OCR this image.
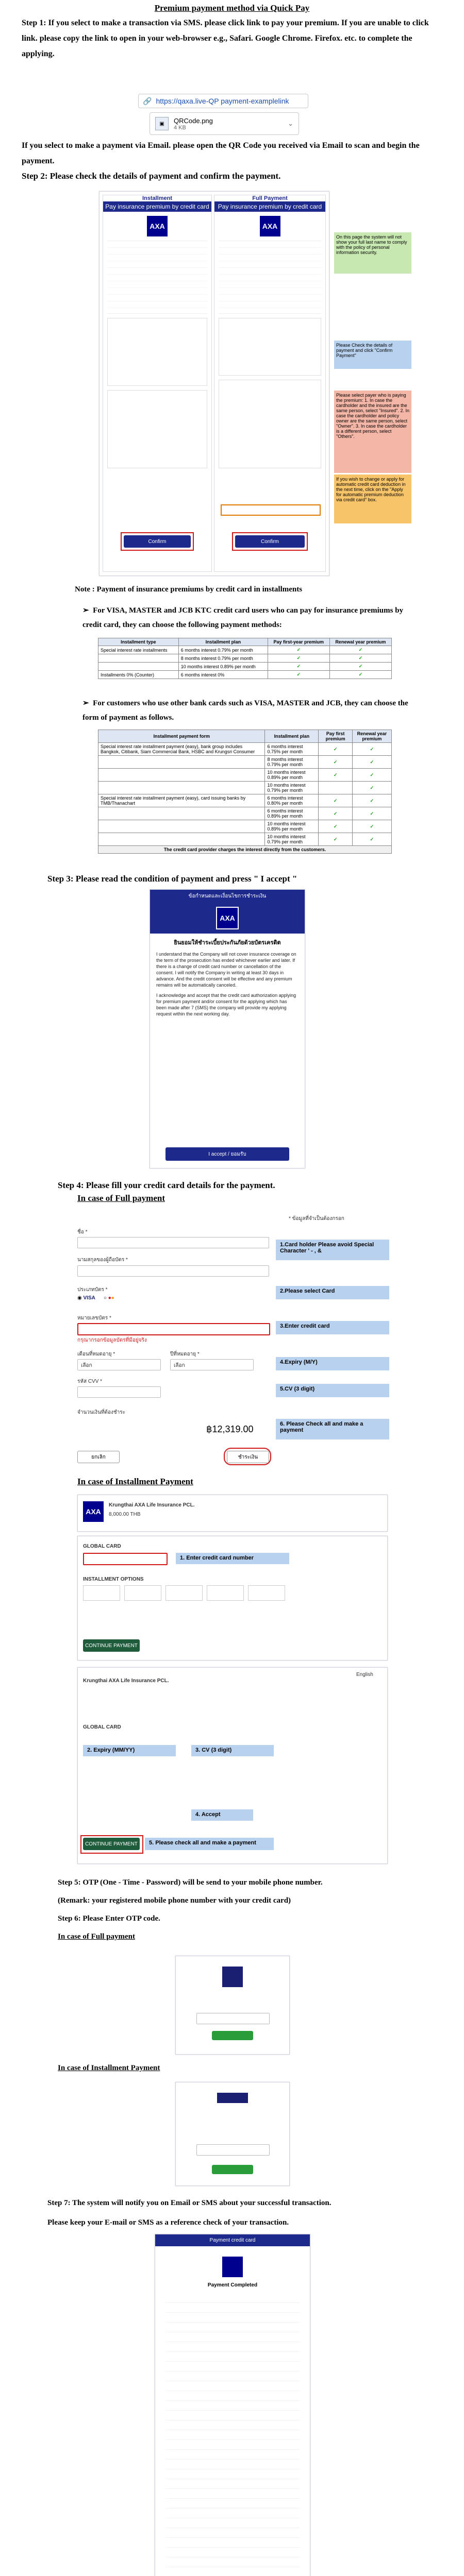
Premium payment method via Quick Pay
Step 1: If you select to make a transaction via SMS. please click link to pay your premium. If you are unable to click link. please copy the link to open in your web-browser e.g., Safari. Google Chrome. Firefox. etc. to complete the applying.
🔗 https://qaxa.live-QP payment-examplelink
▣	QRCode.png
4 KB
⌄
If you select to make a payment via Email. please open the QR Code you received via Email to scan and begin the payment.
Step 2: Please check the details of payment and confirm the payment.
Installment
Pay insurance premium by credit card
AXA
Confirm
Full Payment
Pay insurance premium by credit card
AXA
Confirm
On this page the system will not show your full last name to comply with the policy of personal information security.
Please Check the details of payment and click "Confirm Payment"
Please select payer who is paying the premium: 1. In case the cardholder and the insured are the same person, select "Insured". 2. In case the cardholder and policy owner are the same person, select "Owner". 3. In case the cardholder is a different person, select "Others".
If you wish to change or apply for automatic credit card deduction in the next time, click on the "Apply for automatic premium deduction via credit card" box.
Note : Payment of insurance premiums by credit card in installments
➢  For VISA, MASTER and JCB KTC credit card users who can pay for insurance premiums by credit card, they can choose the following payment methods:
Installment type	Installment plan	Pay first-year premium	Renewal year premium
Special interest rate installments	6 months interest 0.79% per month	✓	✓
	8 months interest 0.79% per month	✓	✓
	10 months interest 0.89% per month	✓	✓
Installments 0% (Counter)	6 months interest 0%	✓	✓
➢  For customers who use other bank cards such as VISA, MASTER and JCB, they can choose the form of payment as follows.
Installment payment form	Installment plan	Pay first premium	Renewal year premium
Special interest rate installment payment (easy), bank group includes Bangkok, Citibank, Siam Commercial Bank, HSBC and Krungsri Consumer	6 months interest 0.75% per month	✓	✓
	8 months interest 0.79% per month	✓	✓
	10 months interest 0.89% per month	✓	✓
	10 months interest 0.79% per month		✓
Special interest rate installment payment (easy), card issuing banks by TMB/Thanachart	6 months interest 0.80% per month	✓	✓
	6 months interest 0.89% per month	✓	✓
	10 months interest 0.89% per month	✓	✓
	10 months interest 0.79% per month	✓	✓
The credit card provider charges the interest directly from the customers.			
Step 3: Please read the condition of payment and press " I accept "
ข้อกำหนดและเงื่อนไขการชำระเงิน
AXA
ยินยอมให้ชำระเบี้ยประกันภัยด้วยบัตรเครดิต
I understand that the Company will not cover insurance coverage on the term of the prosecution has ended whichever earlier and later. If there is a change of credit card number or cancellation of the consent. I will notify the Company in writing at least 30 days in advance. And the credit consent will be effective and any premium remains will be automatically canceled.
I acknowledge and accept that the credit card authorization applying for premium payment and/or consent for the applying which has been made after 7 (SMS) the company will provide my applying request within the next working day.
I accept / ยอมรับ
Step 4: Please fill your credit card details for the payment.
In case of Full payment
* ข้อมูลที่จำเป็นต้องกรอก
ชื่อ *
นามสกุลของผู้ถือบัตร *
1.Card holder Please avoid Special Character ' - , &
ประเภทบัตร *
◉ VISA ○ ●●
2.Please select Card
หมายเลขบัตร *
กรุณากรอกข้อมูลบัตรที่มีอยู่จริง
3.Enter credit card
เดือนที่หมดอายุ *
เลือก
ปีที่หมดอายุ *
เลือก
4.Expiry (M/Y)
รหัส CVV *
5.CV (3 digit)
จำนวนเงินที่ต้องชำระ
฿12,319.00	6. Please Check all and make a payment
ยกเลิก	ชำระเงิน
In case of Installment Payment
AXA
Krungthai AXA Life Insurance PCL.
8,000.00 THB
GLOBAL CARD
1. Enter credit card number
INSTALLMENT OPTIONS
CONTINUE PAYMENT
English
Krungthai AXA Life Insurance PCL.
GLOBAL CARD
2. Expiry (MM/YY)	3. CV (3 digit)
4. Accept
CONTINUE PAYMENT	5. Please check all and make a payment
Step 5: OTP (One - Time - Password) will be send to your mobile phone number.
(Remark: your registered mobile phone number with your credit card)
Step 6: Please Enter OTP code.
In case of Full payment
In case of Installment Payment
Step 7: The system will notify you on Email or SMS about your successful transaction.
Please keep your E-mail or SMS as a reference check of your transaction.
Payment credit card
Payment Completed
